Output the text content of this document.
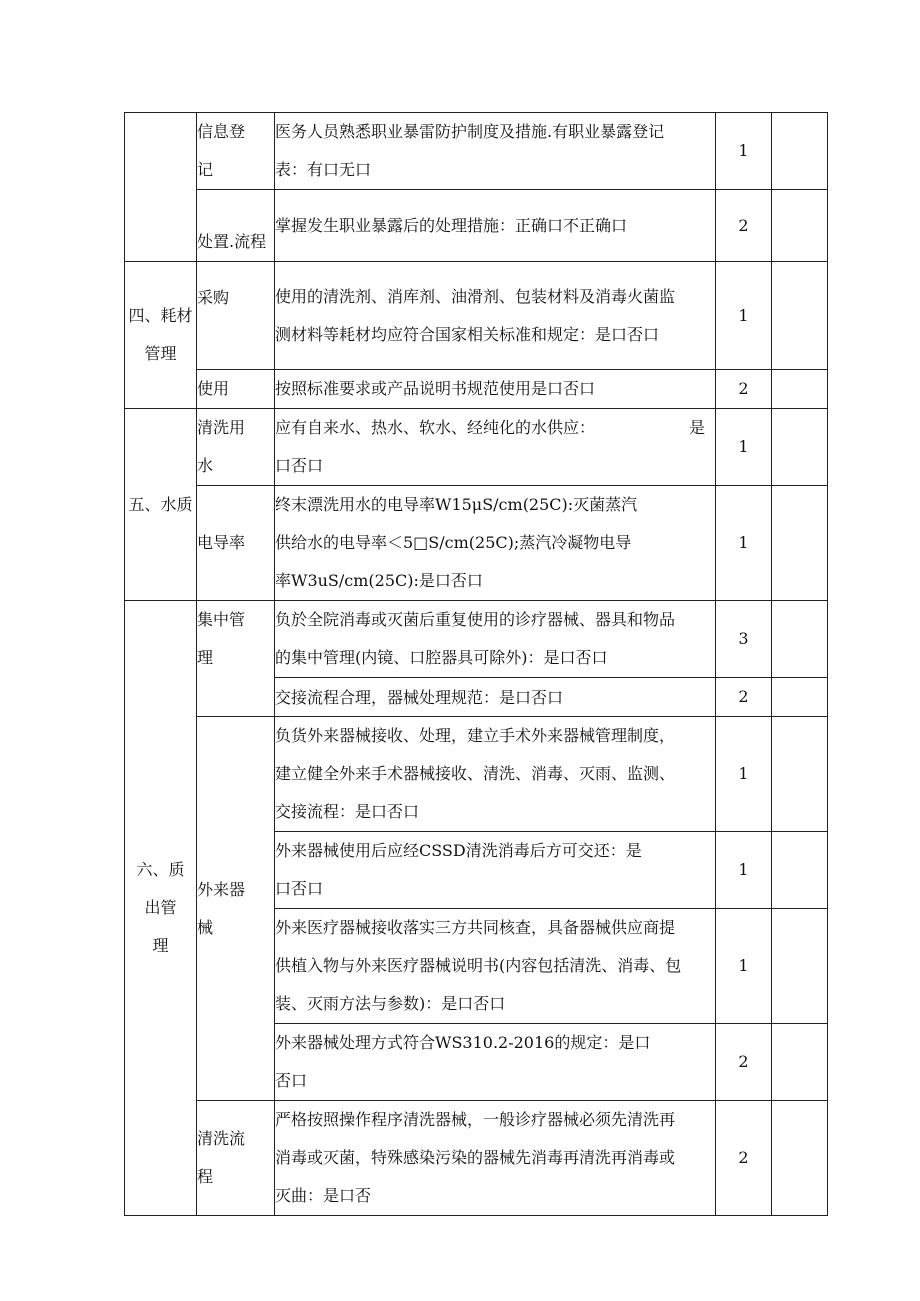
	信息登
记	医务人员熟悉职业暴雷防护制度及措施.有职业暴露登记
表：有口无口	1	

	处置.流程	掌握发生职业暴露后的处理措施：正确口不正确口	2	

四、耗材
管理	采购	使用的清洗剂、消库剂、油滑剂、包装材料及消毒火菌监
测材料等耗材均应符合国家相关标准和规定：是口否口	1	

	使用	按照标准要求或产品说明书规范使用是口否口	2	

五、水质	清洗用
水	应有自来水、热水、软水、经纯化的水供应： 是
口否口	1	

	电导率	终末漂洗用水的电导率W15μS∕cm(25C):灭菌蒸汽
供给水的电导率＜5□S∕cm(25C);蒸汽冷凝物电导
率W3uS∕cm(25C):是口否口	1	

六、质
出管
理	集中管
理	负於全院消毒或灭菌后重复使用的诊疗器械、器具和物品
的集中管理(内镜、口腔器具可除外)：是口否口	3	

		交接流程合理，器械处理规范：是口否口	2	

	外来器
械	负货外来器械接收、处理，建立手术外来器械管理制度，
建立健全外来手术器械接收、清洗、消毒、灭雨、监测、
交接流程：是口否口	1	

		外来器械使用后应经CSSD清洗消毒后方可交还：是
口否口	1	

		外来医疗器械接收落实三方共同核查，具备器械供应商提
供植入物与外来医疗器械说明书(内容包括清洗、消毒、包
装、灭雨方法与参数)：是口否口	1	

		外来器械处理方式符合WS310.2-2016的规定：是口
否口	2	

	清洗流
程	严格按照操作程序清洗器械，一般诊疗器械必须先清洗再
消毒或灭菌，特殊感染污染的器械先消毒再清洗再消毒或
灭曲：是口否	2	
